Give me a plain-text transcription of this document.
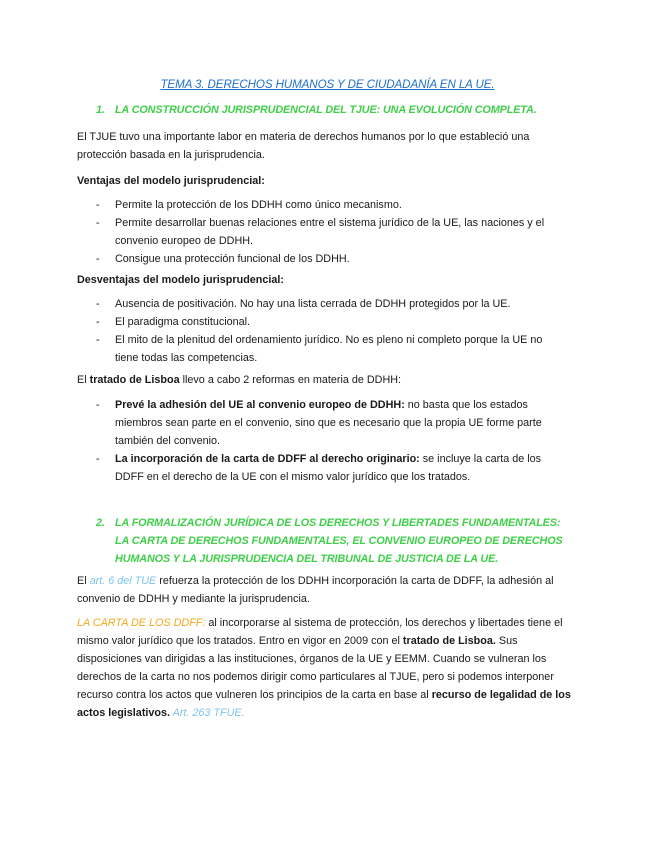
TEMA 3. DERECHOS HUMANOS Y DE CIUDADANÍA EN LA UE.

1. LA CONSTRUCCIÓN JURISPRUDENCIAL DEL TJUE: UNA EVOLUCIÓN COMPLETA.

El TJUE tuvo una importante labor en materia de derechos humanos por lo que estableció una protección basada en la jurisprudencia.

Ventajas del modelo jurisprudencial:

- Permite la protección de los DDHH como único mecanismo.
- Permite desarrollar buenas relaciones entre el sistema jurídico de la UE, las naciones y el convenio europeo de DDHH.
- Consigue una protección funcional de los DDHH.

Desventajas del modelo jurisprudencial:

- Ausencia de positivación. No hay una lista cerrada de DDHH protegidos por la UE.
- El paradigma constitucional.
- El mito de la plenitud del ordenamiento jurídico. No es pleno ni completo porque la UE no tiene todas las competencias.

El tratado de Lisboa llevo a cabo 2 reformas en materia de DDHH:

- Prevé la adhesión del UE al convenio europeo de DDHH: no basta que los estados miembros sean parte en el convenio, sino que es necesario que la propia UE forme parte también del convenio.
- La incorporación de la carta de DDFF al derecho originario: se incluye la carta de los DDFF en el derecho de la UE con el mismo valor jurídico que los tratados.
2. LA FORMALIZACIÓN JURÍDICA DE LOS DERECHOS Y LIBERTADES FUNDAMENTALES: LA CARTA DE DERECHOS FUNDAMENTALES, EL CONVENIO EUROPEO DE DERECHOS HUMANOS Y LA JURISPRUDENCIA DEL TRIBUNAL DE JUSTICIA DE LA UE.

El art. 6 del TUE refuerza la protección de los DDHH incorporación la carta de DDFF, la adhesión al convenio de DDHH y mediante la jurisprudencia.

LA CARTA DE LOS DDFF: al incorporarse al sistema de protección, los derechos y libertades tiene el mismo valor jurídico que los tratados. Entro en vigor en 2009 con el tratado de Lisboa. Sus disposiciones van dirigidas a las instituciones, órganos de la UE y EEMM. Cuando se vulneran los derechos de la carta no nos podemos dirigir como particulares al TJUE, pero si podemos interponer recurso contra los actos que vulneren los principios de la carta en base al recurso de legalidad de los actos legislativos. Art. 263 TFUE.
